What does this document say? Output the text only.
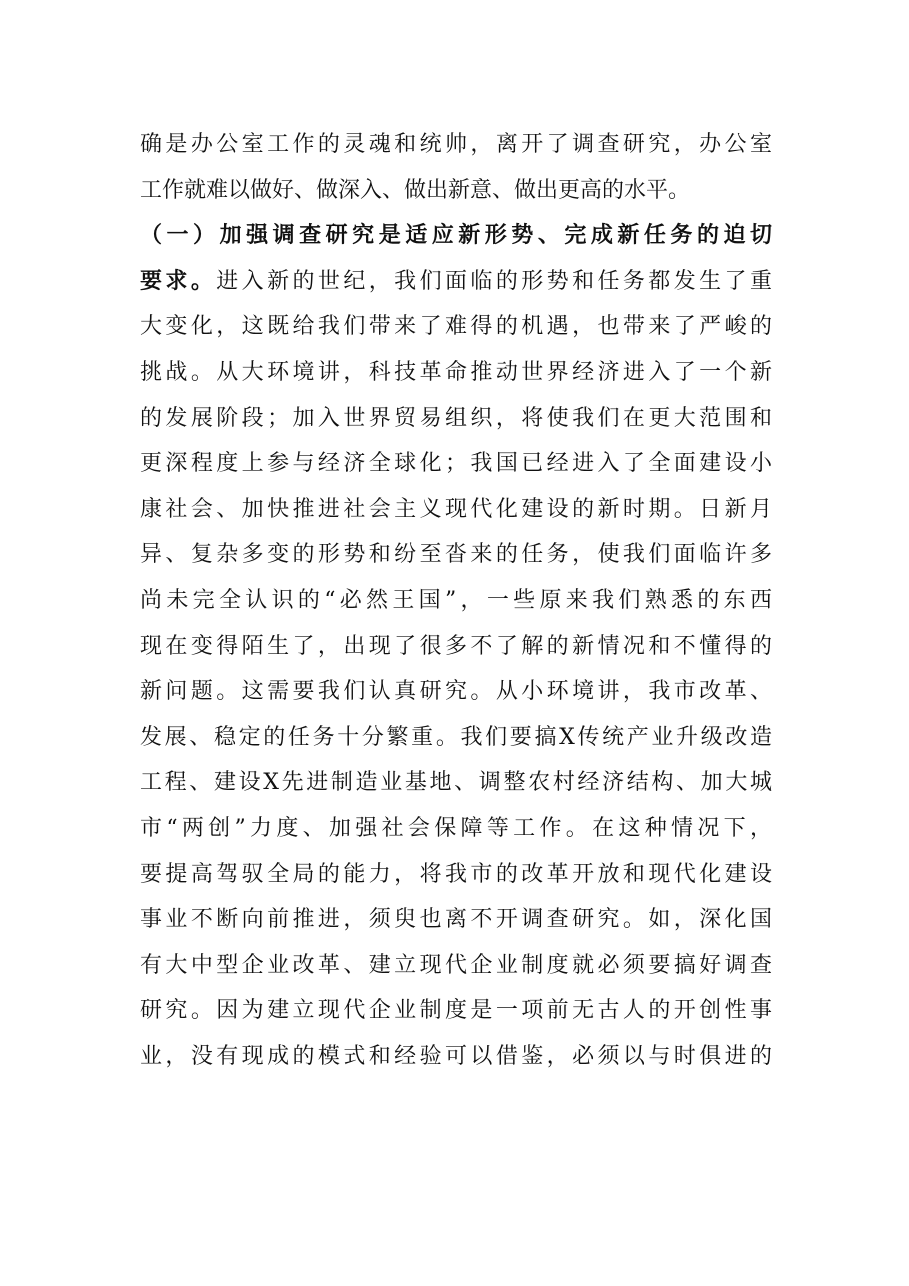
确是办公室工作的灵魂和统帅，离开了调查研究，办公室
工作就难以做好、做深入、做出新意、做出更高的水平。
（一）加强调查研究是适应新形势、完成新任务的迫切
要求。进入新的世纪，我们面临的形势和任务都发生了重
大变化，这既给我们带来了难得的机遇，也带来了严峻的
挑战。从大环境讲，科技革命推动世界经济进入了一个新
的发展阶段；加入世界贸易组织，将使我们在更大范围和
更深程度上参与经济全球化；我国已经进入了全面建设小
康社会、加快推进社会主义现代化建设的新时期。日新月
异、复杂多变的形势和纷至沓来的任务，使我们面临许多
尚未完全认识的“必然王国”，一些原来我们熟悉的东西
现在变得陌生了，出现了很多不了解的新情况和不懂得的
新问题。这需要我们认真研究。从小环境讲，我市改革、
发展、稳定的任务十分繁重。我们要搞X传统产业升级改造
工程、建设X先进制造业基地、调整农村经济结构、加大城
市“两创”力度、加强社会保障等工作。在这种情况下，
要提高驾驭全局的能力，将我市的改革开放和现代化建设
事业不断向前推进，须臾也离不开调查研究。如，深化国
有大中型企业改革、建立现代企业制度就必须要搞好调查
研究。因为建立现代企业制度是一项前无古人的开创性事
业，没有现成的模式和经验可以借鉴，必须以与时俱进的
